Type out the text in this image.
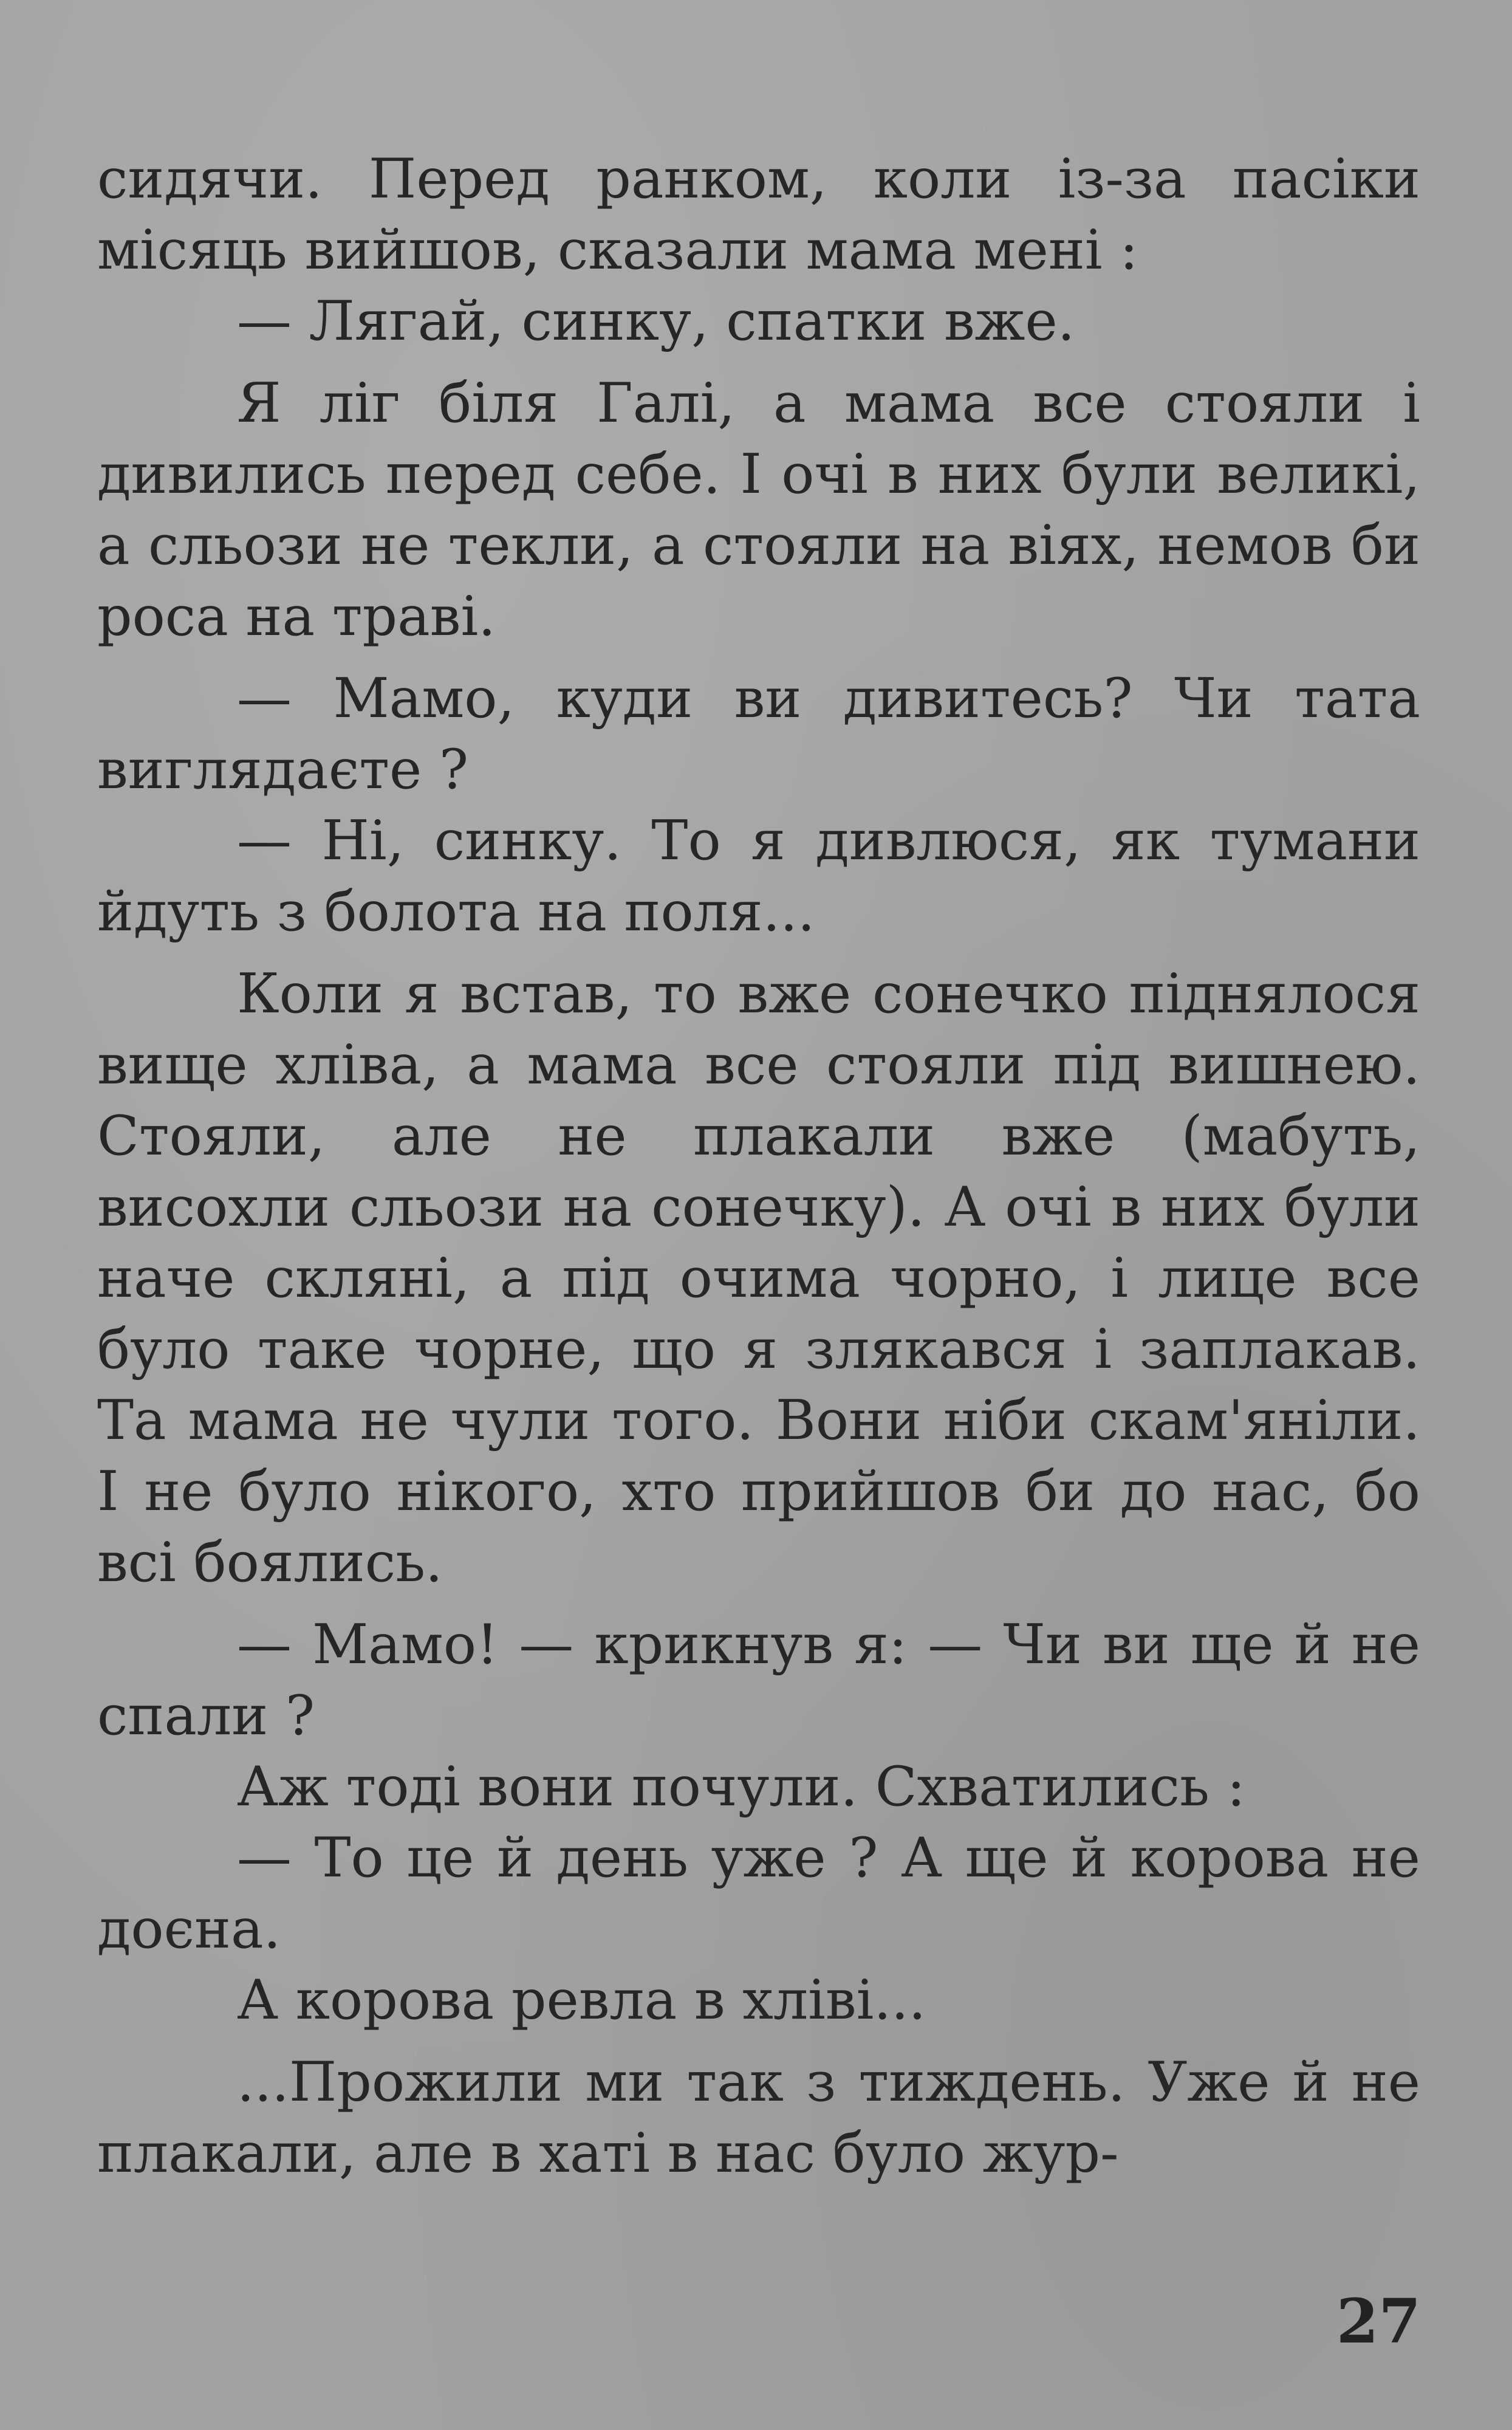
сидячи. Перед ранком, коли із-за пасіки місяць вийшов, сказали мама мені :

— Лягай, синку, спатки вже.

Я ліг біля Галі, а мама все стояли і дивились перед себе. І очі в них були великі, а сльози не текли, а стояли на віях, немов би роса на траві.

— Мамо, куди ви дивитесь? Чи тата виглядаєте ?

— Ні, синку. То я дивлюся, як тумани йдуть з болота на поля...

Коли я встав, то вже сонечко піднялося вище хліва, а мама все стояли під вишнею. Стояли, але не плакали вже (мабуть, висохли сльози на сонечку). А очі в них були наче скляні, а під очима чорно, і лице все було таке чорне, що я злякався і заплакав. Та мама не чули того. Вони ніби скам'яніли. І не було нікого, хто прийшов би до нас, бо всі боялись.

— Мамо! — крикнув я: — Чи ви ще й не спали ?

Аж тоді вони почули. Схватились :

— То це й день уже ? А ще й корова не доєна.

А корова ревла в хліві...

...Прожили ми так з тиждень. Уже й не плакали, але в хаті в нас було жур-

27
